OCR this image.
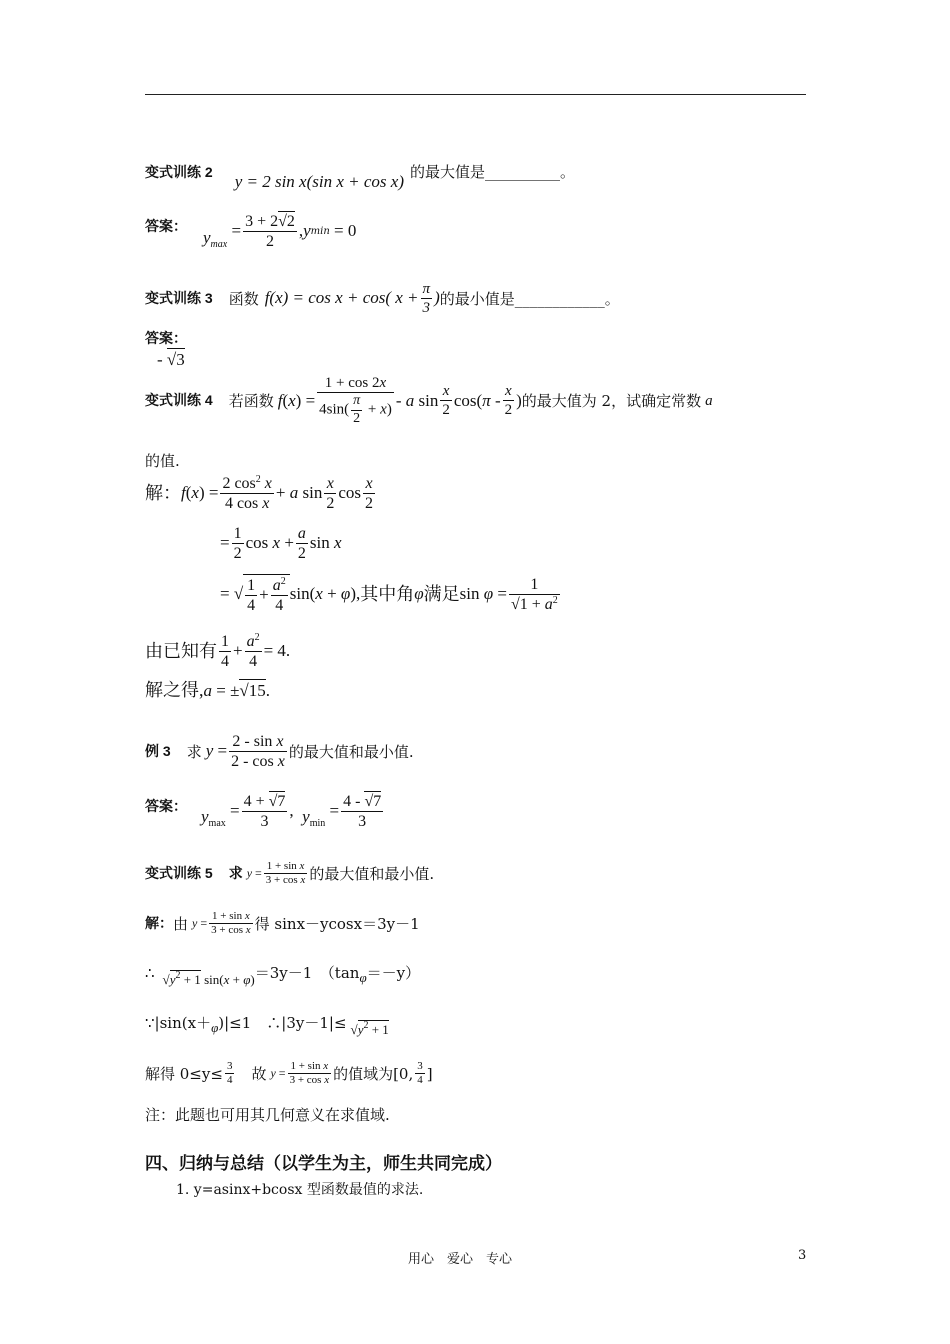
变式训练 2
y = 2 sin x(sin x + cos x) 的最大值是__________。
答案：
$y_{max}$
= $\frac{3 + 2√2}{2}$ , y min = 0
变式训练 3 函数 f(x) = cos x + cos( $x + \frac{\pi}{3}$ ) 的最小值是____________。
答案：
- √3
变式训练 4 若函数 $f(x) = \frac{1 + \cos 2x}{4\sin( \frac{\pi}{2} + x)} - a$ $\sin \frac{x}{2} \cos(\pi - \frac{x}{2}$ ) 的最大值为 2，试确定常数 a
的值.
解： $f(x) = \frac{2 \cos^2 x}{\text{4 cos x}} + a$ $\sin \frac{x}{2}$ $\cos \frac{x}{2}$
= $\frac{1}{2}$ $\cos x + \frac{a}{2}$ sin x
= √ $\frac{1}{4} + \frac{a^2}{4} \sin(x + \varphi)$, 其中角 φ 满足 $\sin \varphi = \frac{1}{√1 + a^2}$
由已知有 $\frac{1}{4} + \frac{a^2}{4} = 4$.
解之得, a = ±√15.
例 3 求 $y = \frac{\text{2 - sin x}}{\text{2 - cos x}}$ 的最大值和最小值.
答案：
$y_{max}$
= $\frac{4 + √7}{3}$ , $y_{min}$
= $\frac{4 - √7}{3}$
变式训练 5 求 $y = \frac{\text{1 + sin x}}{\text{3 + cos x}}$ 的最大值和最小值.
解： 由 $y = \frac{\text{1 + sin x}}{\text{3 + cos x}}$ 得 sinx－ycosx＝3y－1
∴ $√y^2 + 1$ sin(x + φ) ＝3y－1　（tan φ ＝－y）
∵|sin(x＋ φ )|≤1　∴|3y－1|≤ $√y^2 + 1$
解得 $0\le y\le \frac{3}{4}$ 　故 $y = \frac{\text{1 + sin x}}{\text{3 + cos x}}$ 的值域为[0, $\frac{3}{4}$ ]
注：此题也可用其几何意义在求值域.
四、归纳与总结（以学生为主，师生共同完成）
1. y=asinx+bcosx 型函数最值的求法.
用心　爱心　专心	3
